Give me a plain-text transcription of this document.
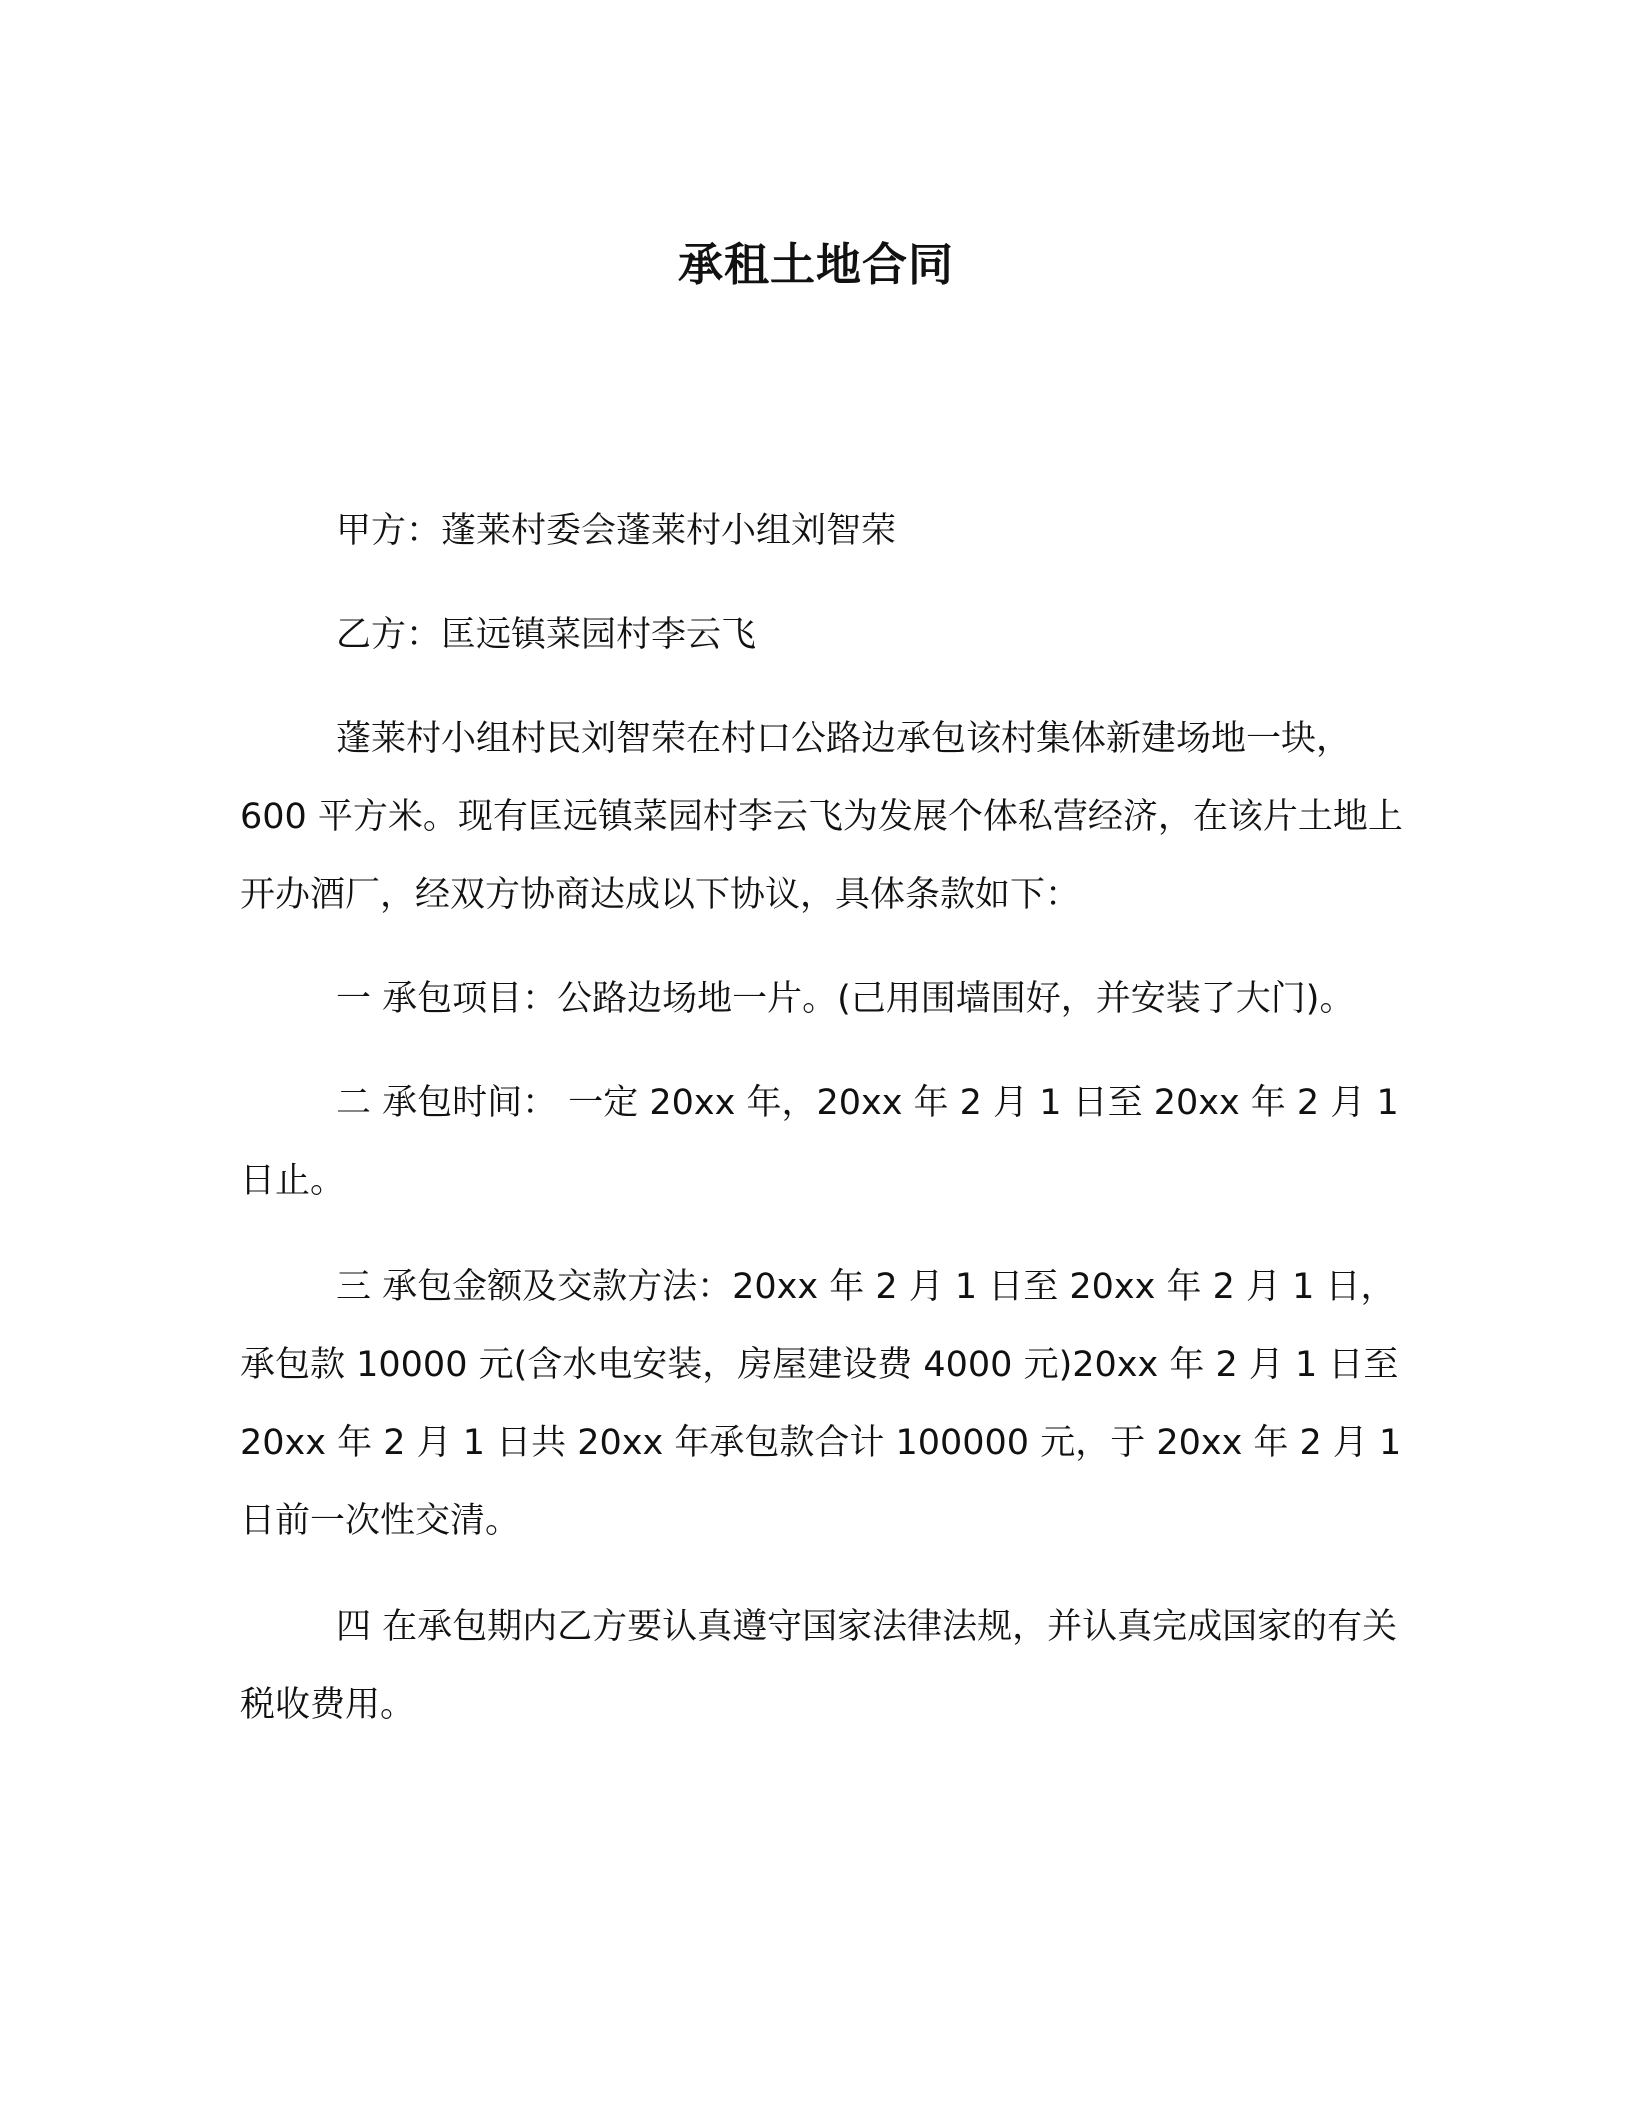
承租土地合同

甲方：蓬莱村委会蓬莱村小组刘智荣

乙方：匡远镇菜园村李云飞

蓬莱村小组村民刘智荣在村口公路边承包该村集体新建场地一块，600 平方米。现有匡远镇菜园村李云飞为发展个体私营经济，在该片土地上开办酒厂，经双方协商达成以下协议，具体条款如下：

一 承包项目：公路边场地一片。(己用围墙围好，并安装了大门)。

二 承包时间： 一定 20xx 年，20xx 年 2 月 1 日至 20xx 年 2 月 1 日止。

三 承包金额及交款方法：20xx 年 2 月 1 日至 20xx 年 2 月 1 日，承包款 10000 元(含水电安装，房屋建设费 4000 元)20xx 年 2 月 1 日至 20xx 年 2 月 1 日共 20xx 年承包款合计 100000 元，于 20xx 年 2 月 1 日前一次性交清。

四 在承包期内乙方要认真遵守国家法律法规，并认真完成国家的有关税收费用。
